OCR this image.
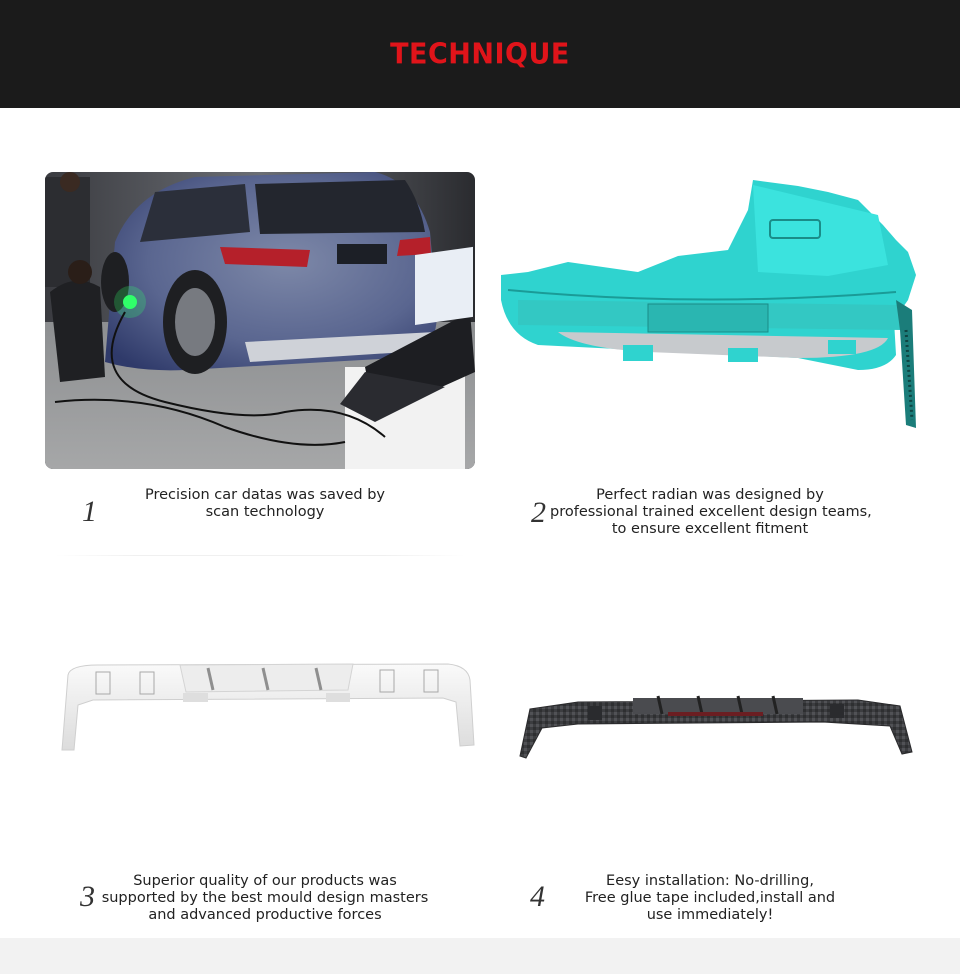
TECHNIQUE
1	Precision car datas was saved by
scan technology	2
Perfect radian was designed by
professional trained excellent design teams,
to ensure excellent fitment
3	Superior quality of our products was
supported by the best mould design masters
and advanced productive forces
4	Eesy installation: No-drilling,
Free glue tape included,install and
use immediately!
